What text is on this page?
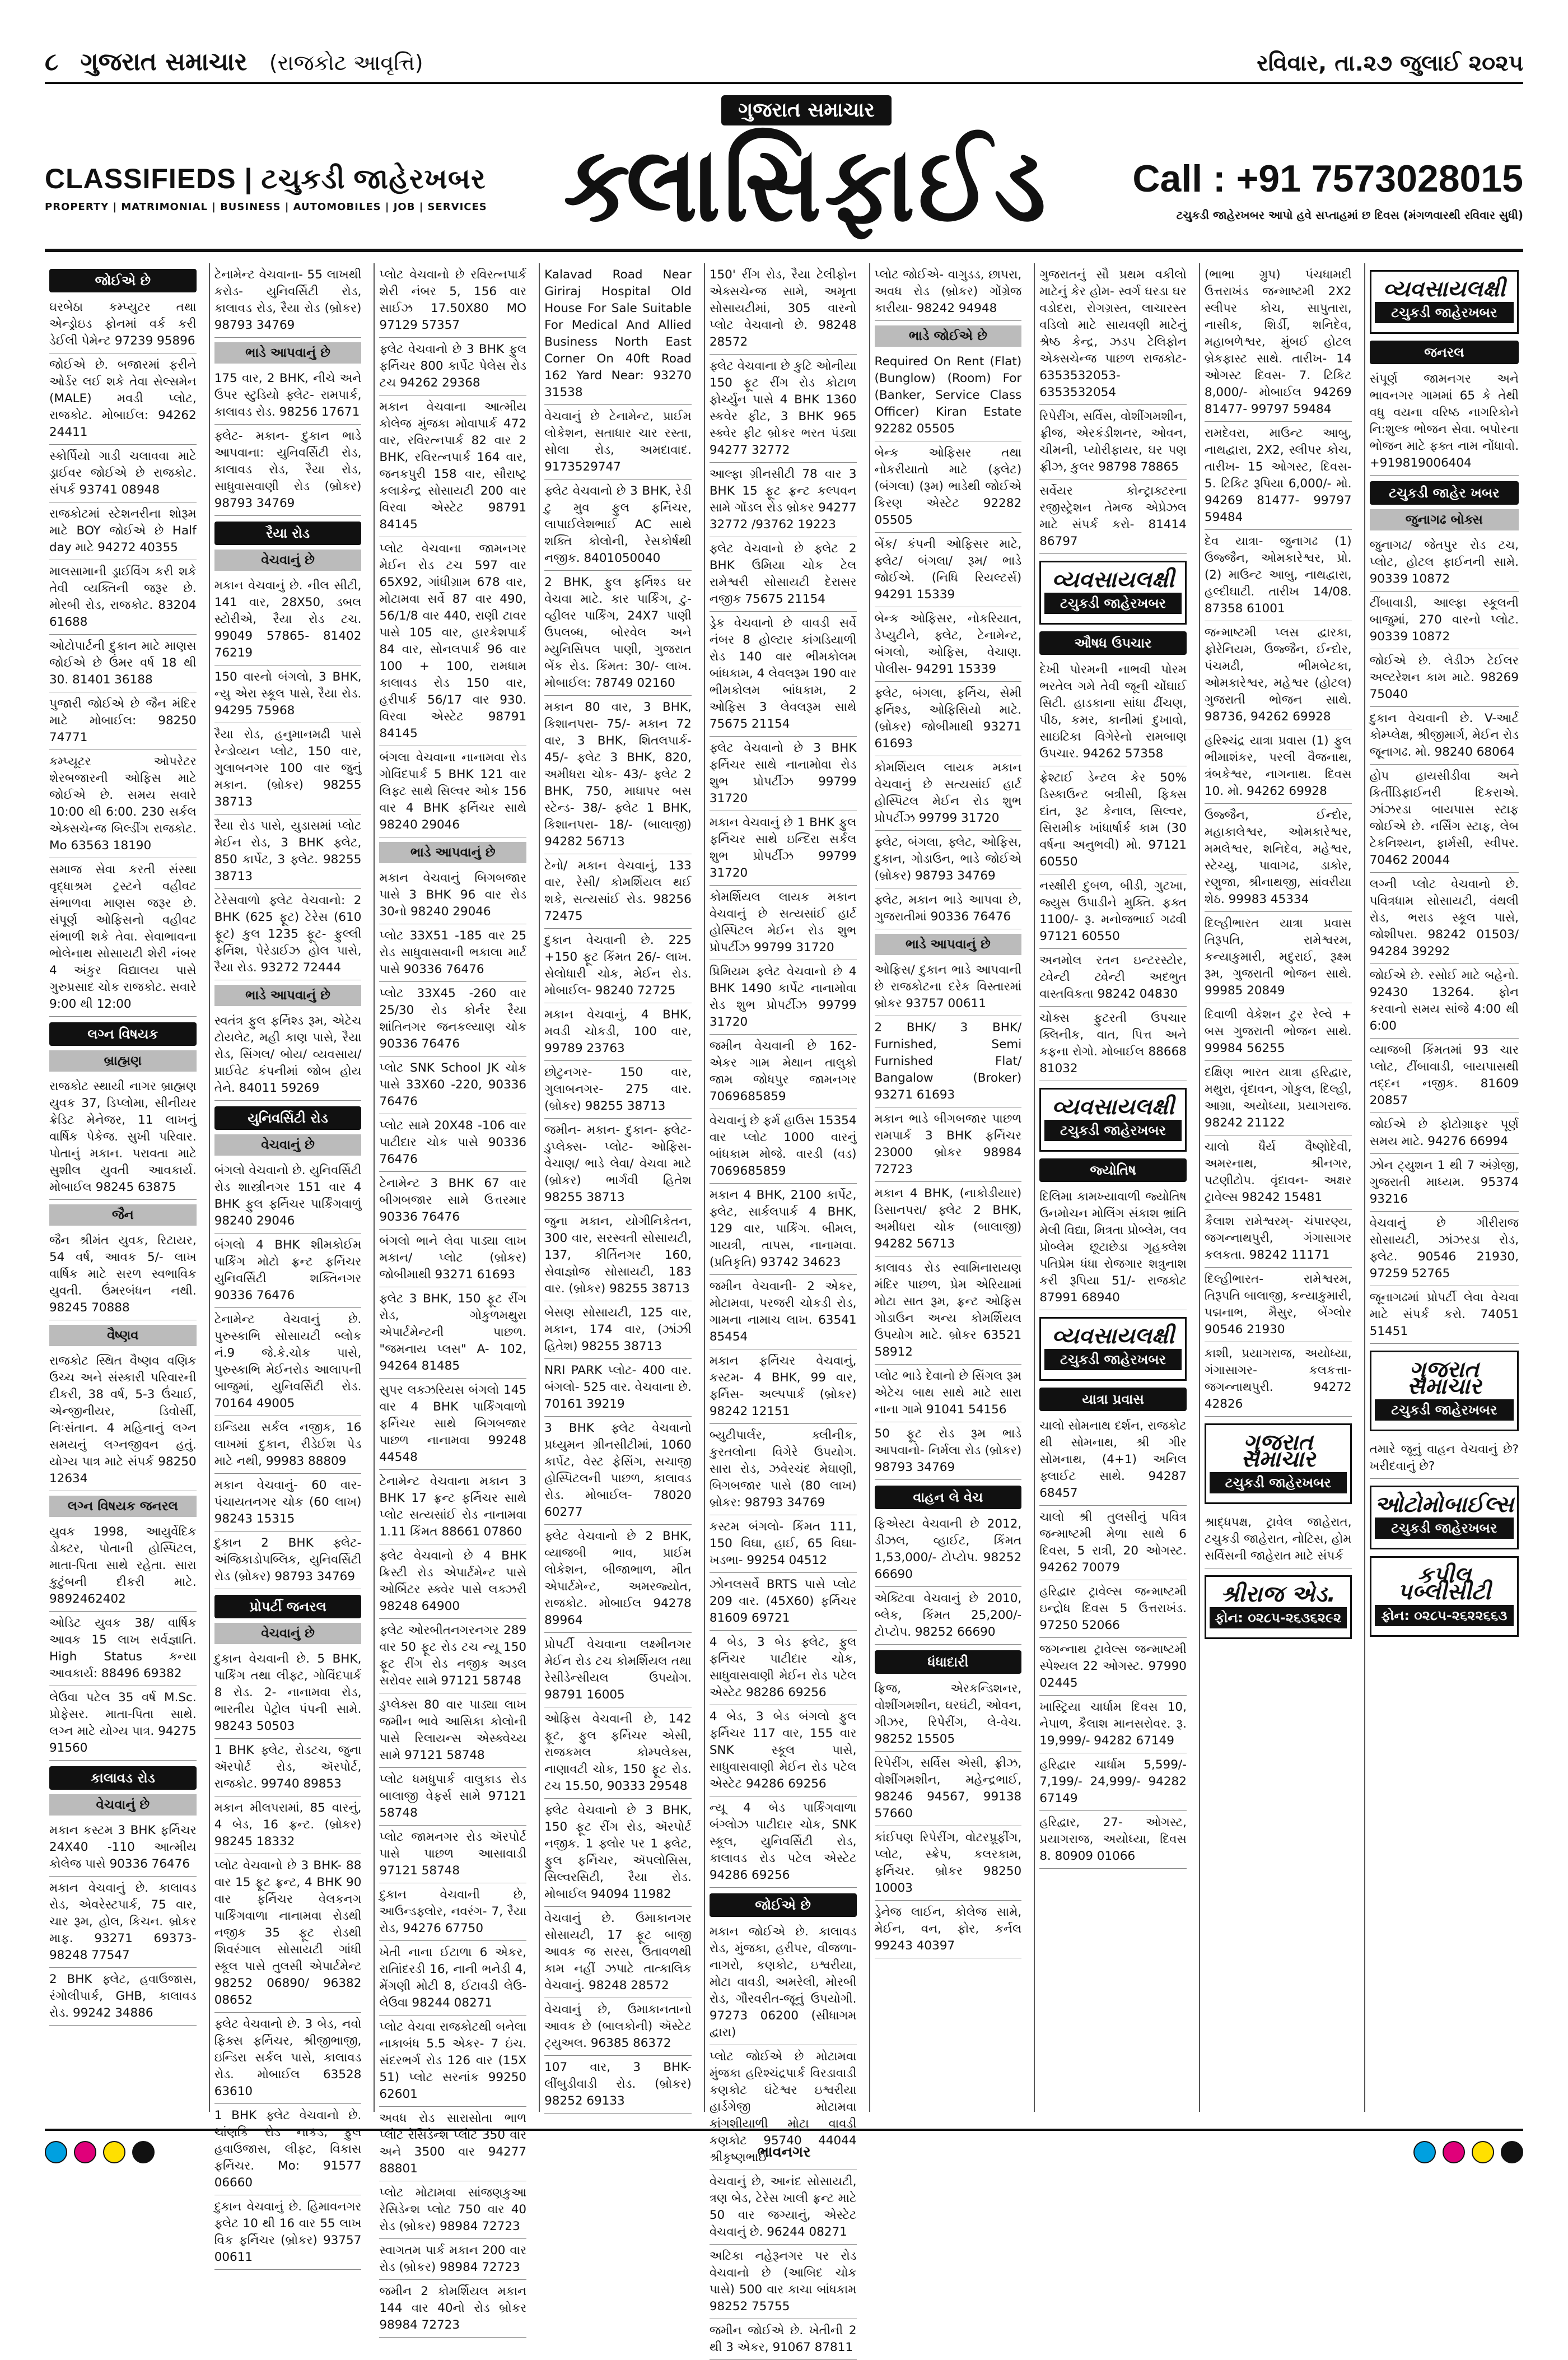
૮ ગુજરાત સમાચાર (રાજકોટ આવૃત્તિ)	રવિવાર, તા.૨૭ જુલાઈ ૨૦૨૫
CLASSIFIEDS | ટચુકડી જાહેરખબર
PROPERTY | MATRIMONIAL | BUSINESS | AUTOMOBILES | JOB | SERVICES
ગુજરાત સમાચાર
ક્લાસિફાઈડ	Call : +91 7573028015
ટચુકડી જાહેરખબર આપો હવે સપ્તાહમાં છ દિવસ (મંગળવારથી રવિવાર સુધી)
જોઈએ છે
ઘરબેઠા કમ્પ્યુટર તથા એન્ડ્રોઇડ ફોનમાં વર્ક કરી ડેઈલી પેમેન્ટ 97239 95896
જોઈએ છે. બજારમાં ફરીને ઓર્ડર લઈ શકે તેવા સેલ્સમેન (MALE) મવડી પ્લોટ, રાજકોટ. મોબાઈલ: 94262 24411
સ્કોર્પિયો ગાડી ચલાવવા માટે ડ્રાઈવર જોઈએ છે રાજકોટ. સંપર્ક 93741 08948
રાજકોટમાં સ્ટેશનરીના શોરૂમ માટે BOY જોઈએ છે Half day માટે 94272 40355
માલસામાની ડ્રાઈવિંગ કરી શકે તેવી વ્યક્તિની જરૂર છે. મોરબી રોડ, રાજકોટ. 83204 61688
ઓટોપાર્ટની દુકાન માટે માણસ જોઈએ છે ઉંમર વર્ષ 18 થી 30. 81401 36188
પુજારી જોઈએ છે જૈન મંદિર માટે મોબાઈલ: 98250 74771
કમ્પ્યૂટર ઓપરેટર શેરબજારની ઓફિસ માટે જોઈએ છે. સમય સવારે 10:00 થી 6:00. 230 સર્કલ એક્સચેન્જ બિલ્ડીંગ રાજકોટ. Mo 63563 18190
સમાજ સેવા કરતી સંસ્થા વૃદ્ધાશ્રમ ટ્રસ્ટને વહીવટ સંભાળવા માણસ જરૂર છે. સંપૂર્ણ ઓફિસનો વહીવટ સંભાળી શકે તેવા. સેવાભાવના ભોલેનાથ સોસાયટી શેરી નંબર 4 અંકુર વિદ્યાલય પાસે ગુરુપ્રસાદ ચોક રાજકોટ. સવારે 9:00 થી 12:00
લગ્ન વિષયક
બ્રાહ્મણ
રાજકોટ સ્થાયી નાગર બ્રાહ્મણ યુવક 37, ડિપ્લોમા, સીનીયર ક્રેડિટ મેનેજર, 11 લાખનું વાર્ષિક પેકેજ. સુખી પરિવાર. પોતાનું મકાન. પરાવતા માટે સુશીલ યુવતી આવકાર્ય. મોબાઈલ 98245 63875
જૈન
જૈન શ્રીમંત યુવક, રિટાયર, 54 વર્ષ, આવક 5/- લાખ વાર્ષિક માટે સરળ સ્વભાવિક યુવતી. ઉંમરબંધન નથી. 98245 70888
વૈષ્ણવ
રાજકોટ સ્થિત વૈષ્ણવ વણિક ઉચ્ચ અને સંસ્કારી પરિવારની દીકરી, 38 વર્ષ, 5-3 ઉંચાઈ, એન્જીનીયર, ડિવોર્સી, નિઃસંતાન. 4 મહિનાનું લગ્ન સમયનું લગ્નજીવન હતું. યોગ્ય પાત્ર માટે સંપર્ક 98250 12634
લગ્ન વિષયક જનરલ
યુવક 1998, આયુર્વેદિક ડોક્ટર, પોતાની હોસ્પિટલ, માતા-પિતા સાથે રહેતા. સારા કુટુંબની દીકરી માટે. 9892462402
ઓડિટ યુવક 38/ વાર્ષિક આવક 15 લાખ સર્વજ્ઞાતિ. High Status કન્યા આવકાર્ય: 88496 69382
લેઉવા પટેલ 35 વર્ષ M.Sc. પ્રોફેસર. માતા-પિતા સાથે. લગ્ન માટે યોગ્ય પાત્ર. 94275 91560
કાલાવડ રોડ
વેચવાનું છે
મકાન કસ્ટમ 3 BHK ફર્નિચર 24X40 -110 આત્મીય કોલેજ પાસે 90336 76476
મકાન વેચવાનું છે. કાલાવડ રોડ, એવરેસ્ટપાર્ક, 75 વાર, ચાર રૂમ, હોલ, કિચન. બ્રોકર માફ. 93271 69373- 98248 77547
2 BHK ફ્લેટ, હવાઉજાસ, રંગોલીપાર્ક, GHB, કાલાવડ રોડ. 99242 34886
ટેનામેન્ટ વેચવાના- 55 લાખથી કરોડ- યુનિવર્સિટી રોડ, કાલાવડ રોડ, રૈયા રોડ (બ્રોકર) 98793 34769
ભાડે આપવાનું છે
175 વાર, 2 BHK, નીચે અને ઉપર સ્ટુડિયો ફ્લેટ- રામપાર્ક, કાલાવડ રોડ. 98256 17671
ફ્લેટ- મકાન- દુકાન ભાડે આપવાના: યુનિવર્સિટી રોડ, કાલાવડ રોડ, રૈયા રોડ, સાધુવાસવાણી રોડ (બ્રોકર) 98793 34769
રૈયા રોડ
વેચવાનું છે
મકાન વેચવાનું છે. નીલ સીટી, 141 વાર, 28X50, ડબલ સ્ટોરીએ, રૈયા રોડ ટચ. 99049 57865- 81402 76219
150 વારનો બંગલો, 3 BHK, ન્યુ એરા સ્કૂલ પાસે, રૈયા રોડ. 94295 75968
રૈયા રોડ, હનુમાનમઢી પાસે રેન્ડોવ્યન પ્લોટ, 150 વાર, ગુલાબનગર 100 વાર જુનું મકાન. (બ્રોકર) 98255 38713
રૈયા રોડ પાસે, યુડાસમાં પ્લોટ મેઈન રોડ, 3 BHK ફ્લેટ, 850 કાર્પેટ, 3 ફ્લેટ. 98255 38713
ટેરેસવાળો ફ્લેટ વેચવાનો: 2 BHK (625 ફૂટ) ટેરેસ (610 ફૂટ) કુલ 1235 ફૂટ- ફુલ્લી ફર્નિશ, પેરેડાઈઝ હોલ પાસે, રૈયા રોડ. 93272 72444
ભાડે આપવાનું છે
સ્વતંત્ર ફુલ ફર્નિશ્ડ રૂમ, એટેચ ટોયલેટ, મહી કાણ પાસે, રૈયા રોડ, સિંગલ/ બોય/ વ્યવસાય/ પ્રાઈવેટ કંપનીમાં જોબ હોય તેને. 84011 59269
યુનિવર્સિટી રોડ
વેચવાનું છે
બંગલો વેચવાનો છે. યુનિવર્સિટી રોડ શાસ્ત્રીનગર 151 વાર 4 BHK ફુલ ફર્નિચર પાર્કિંગવાળું 98240 29046
બંગલો 4 BHK શીમકોઈમ પાર્કિંગ મોટો ફ્રન્ટ ફર્નિચર યુનિવર્સિટી શક્તિનગર 90336 76476
ટેનામેન્ટ વેચવાનું છે. પુરુસ્કાભિ સોસાયટી બ્લોક નં.9 જે.કે.ચોક પાસે, પુરુસ્કાભિ મેઈનરોડ આલાપની બાજુમાં, યુનિવર્સિટી રોડ. 70164 49005
ઇન્ડિયા સર્કલ નજીક, 16 લાખમાં દુકાન, રીડેઈશ પેડ માટે નથી, 99983 88809
મકાન વેચવાનું- 60 વાર- પંચાયતનગર ચોક (60 લાખ) 98243 15315
દુકાન 2 BHK ફ્લેટ- અંજિકાડોપબ્લિક, યુનિવર્સિટી રોડ (બ્રોકર) 98793 34769
પ્રોપર્ટી જનરલ
વેચવાનું છે
દુકાન વેચવાની છે. 5 BHK, પાર્કિંગ તથા લીફ્ટ, ગોવિંદપાર્ક 8 રોડ. 2- નાનામવા રોડ, ભારતીય પેટ્રોલ પંપની સામે. 98243 50503
1 BHK ફ્લેટ, રોડટચ, જુના ઍરપોર્ટ રોડ, ઍરપોર્ટ, રાજકોટ. 99740 89853
મકાન મીલપરામાં, 85 વારનું, 4 બેડ, 16 ફ્રન્ટ. (બ્રોકર) 98245 18332
પ્લોટ વેચવાનો છે 3 BHK- 88 વાર 15 ફૂટ ફ્રન્ટ, 4 BHK 90 વાર ફર્નિચર વેલકનગ પાર્કિંગવાળા નાનામવા રોડથી નજીક 35 ફૂટ રોડથી શિવરંગાલ સોસાયટી ગાંધી સ્કૂલ પાસે તુલસી એપાર્ટમેન્ટ 98252 06890/ 96382 08652
ફ્લેટ વેચવાનો છે. 3 બેડ, નવો ફિક્સ ફર્નિચર, શ્રીજીભાજી, ઇન્ડિરા સર્કલ પાસે, કાલાવડ રોડ. મોબાઈલ 63528 63610
1 BHK ફ્લેટ વેચવાનો છે. ચાંણકિ રોડ નાકડ, ફુલ હવાઉજાસ, લીફ્ટ, વિકાસ ફર્નિચર. Mo: 91577 06660
દુકાન વેચવાનું છે. હિમાવનગર ફ્લેટ 10 થી 16 વાર 55 લાખ વિક ફર્નિચર (બ્રોકર) 93757 00611
પ્લોટ વેચવાનો છે રવિરત્નપાર્ક શેરી નંબર 5, 156 વાર સાઈઝ 17.50X80 MO 97129 57357
ફ્લેટ વેચવાનો છે 3 BHK ફુલ ફર્નિચર 800 કાર્પેટ પેલેસ રોડ ટચ 94262 29368
મકાન વેચવાના આત્મીય કોલેજ મુંજકા મોવાપાર્ક 472 વાર, રવિરત્નપાર્ક 82 વાર 2 BHK, રવિરત્નપાર્ક 164 વાર, જનકપુરી 158 વાર, સૌરાષ્ટ્ર કલાકેન્દ્ર સોસાયટી 200 વાર વિરવા એસ્ટેટ 98791 84145
પ્લોટ વેચવાના જામનગર મેઈન રોડ ટચ 597 વાર 65X92, ગાંધીગ્રામ 678 વાર, મોટામવા સર્વે 87 વાર 490, 56/1/8 વાર 440, રાણી ટાવર પાસે 105 વાર, હારકેશપાર્ક 84 વાર, સોનલપાર્ક 96 વાર 100 + 100, રામધામ કાલાવડ રોડ 150 વાર, હરીપાર્ક 56/17 વાર 930. વિરવા એસ્ટેટ 98791 84145
બંગલા વેચવાના નાનામવા રોડ ગોવિંદપાર્ક 5 BHK 121 વાર લિફ્ટ સાથે સિલ્વર ઓક 156 વાર 4 BHK ફર્નિચર સાથે 98240 29046
ભાડે આપવાનું છે
મકાન વેચવાનું બિગબજાર પાસે 3 BHK 96 વાર રોડ 30નો 98240 29046
પ્લોટ 33X51 -185 વાર 25 રોડ સાધુવાસવાની ભકાલા માર્ટ પાસે 90336 76476
પ્લોટ 33X45 -260 વાર 25/30 રોડ કોર્નર રૈયા શાંતિનગર જનકલ્યાણ ચોક 90336 76476
પ્લોટ SNK School JK ચોક પાસે 33X60 -220, 90336 76476
પ્લોટ સામે 20X48 -106 વાર પાટીદાર ચોક પાસે 90336 76476
ટેનામેન્ટ 3 BHK 67 વાર બીગબજાર સામે ઉત્તરમાર 90336 76476
બંગલો ભાને લેવા પાડ્યા લાખ મકાન/ પ્લોટ (બ્રોકર) જોબીમાથી 93271 61693
ફ્લેટ 3 BHK, 150 ફૂટ રીંગ રોડ, ગોકુળમથુરા એપાર્ટમેન્ટની પાછળ. "જમનાય પ્લસ" A- 102, 94264 81485
સુપર લક્ઝરિયસ બંગલો 145 વાર 4 BHK પાર્કિંગવાળો ફર્નિચર સાથે બિગબજાર પાછળ નાનામવા 99248 44548
ટેનામેન્ટ વેચવાના મકાન 3 BHK 17 ફ્રન્ટ ફર્નિચર સાથે પ્લોટ સત્યસાંઈ રોડ નાનામવા 1.11 કિંમત 88661 07860
ફ્લેટ વેચવાનો છે 4 BHK ક્રિસ્ટી રોડ એપાર્ટમેન્ટ પાસે ઓર્બિટર સ્ક્વેર પાસે લક્ઝરી 98248 64900
ફ્લેટ ઓરબીતનગરનગર 289 વાર 50 ફૂટ રોડ ટચ ન્યૂ 150 ફૂટ રીંગ રોડ નજીક અડલ સરોવર સામે 97121 58748
ડુપ્લેક્સ 80 વાર પાડ્યા લાખ જમીન ભાવે આસિકા કોલોની પાસે રિલાયન્સ એસ્ક્વેચ્ય સામે 97121 58748
પ્લોટ ધમધુપાર્ક વાલુકાડ રોડ બાલાજી વેફર્સ સામે 97121 58748
પ્લોટ જામનગર રોડ ઍરપોર્ટ પાસે પાછળ આસાવાડી 97121 58748
દુકાન વેચવાની છે, આઉન્ડફ્લોર, નવરંગ- 7, રૈયા રોડ, 94276 67750
ખેતી નાના ઈટાળા 6 એકર, રાતાિંદરડી 16, નાની ભનેડી 4, મેંગણી મોટી 8, ઈટાવડી લેઉ- લેઉવા 98244 08271
પ્લોટ વેચવા રાજકોટથી બનેલા નાકાબંધ 5.5 એકર- 7 ઇંચ. સંદરભર્ગ રોડ 126 વાર (15X 51) પ્લોટ સરનાંક 99250 62601
અવધ રોડ સારાસોતા ભાળ પ્લોટ રેસિડેન્શ પ્લોટ 350 વાર અને 3500 વાર 94277 88801
પ્લોટ મોટામવા સાંજણકુઆ રેસિડેન્શ પ્લોટ 750 વાર 40 રોડ (બ્રોકર) 98984 72723
સ્વાગતમ પાર્ક મકાન 200 વાર રોડ (બ્રોકર) 98984 72723
જમીન 2 કોમર્શિયલ મકાન 144 વાર 40નો રોડ બ્રોકર 98984 72723
Kalavad Road Near Giriraj Hospital Old House For Sale Suitable For Medical And Allied Business North East Corner On 40ft Road 162 Yard Near: 93270 31538
વેચવાનું છે ટેનામેન્ટ, પ્રાઈમ લોકેશન, સતાધાર ચાર રસ્તા, સોલા રોડ, અમદાવાદ. 9173529747
ફ્લેટ વેચવાનો છે 3 BHK, રેડી ટુ મુવ ફુલ ફર્નિચર, લાપાઈલેશભાઈ AC સાથે શક્તિ કોલોની, રેસકોર્ષથી નજીક. 8401050040
2 BHK, ફુલ ફર્નિશ્ડ ઘર વેચવા માટે. કાર પાર્કિંગ, ટુ-વ્હીલર પાર્કિંગ, 24X7 પાણી ઉપલબ્ધ, બોરવેલ અને મ્યુનિસિપલ પાણી, ગુજરાત બેંક રોડ. કિંમત: 30/- લાખ. મોબાઈલ: 78749 02160
મકાન 80 વાર, 3 BHK, કિશાનપરા- 75/- મકાન 72 વાર, 3 BHK, શિતલપાર્ક- 45/- ફ્લેટ 3 BHK, 820, અમીધરા ચોક- 43/- ફ્લેટ 2 BHK, 750, માધાપર બસ સ્ટેન્ડ- 38/- ફ્લેટ 1 BHK, કિશાનપરા- 18/- (બાલાજી) 94282 56713
ટેનો/ મકાન વેચવાનું, 133 વાર, રેસી/ કોમર્શિયલ થઈ શકે, સત્યસાંઈ રોડ. 98256 72475
દુકાન વેચવાની છે. 225 +150 ફૂટ કિંમત 26/- લાખ. સેલોધારી ચોક, મેઈન રોડ. મોબાઈલ- 98240 72725
મકાન વેચવાનું, 4 BHK, મવડી ચોકડી, 100 વાર, 99789 23763
છોટુનગર- 150 વાર, ગુલાબનગર- 275 વાર. (બ્રોકર) 98255 38713
જમીન- મકાન- દુકાન- ફ્લેટ- ડુપ્લેક્સ- પ્લોટ- ઓફિસ- વેચાણ/ ભાડે લેવા/ વેચવા માટે (બ્રોકર) ભાર્ગવી હિતેશ 98255 38713
જુના મકાન, યોગીનિકેતન, 300 વાર, સરસ્વતી સોસાયટી, 137, કીર્તિનગર 160, સેવાજ્ઞોજ સોસાયટી, 183 વાર. (બ્રોકર) 98255 38713
બેસણ સોસાયટી, 125 વાર, મકાન, 174 વાર, (ઝાંઝી હિતેશ) 98255 38713
NRI PARK પ્લોટ- 400 વાર. બંગલો- 525 વાર. વેચવાના છે. 70161 39219
3 BHK ફ્લેટ વેચવાનો પ્રધ્યુમન ગ્રીનસીટીમાં, 1060 કાર્પેટ, વેસ્ટ ફેસિંગ, સચાજી હોસ્પિટલની પાછળ, કાલાવડ રોડ. મોબાઈલ- 78020 60277
ફ્લેટ વેચવાનો છે 2 BHK, વ્યાજબી ભાવ, પ્રાઈમ લોકેશન, બીજાભાળ, મીત એપાર્ટમેન્ટ, અમરજ્યોત, રાજકોટ. મોબાઈલ 94278 89964
પ્રોપર્ટી વેચવાના લક્ષ્મીનગર મેઈન રોડ ટચ કોમર્શિયલ તથા રેસીડેન્સીયલ ઉપયોગ. 98791 16005
ઓફિસ વેચવાની છે, 142 ફૂટ, ફુલ ફર્નિચર એસી, રાજકમલ કોમ્પલેક્સ, નાણાવટી ચોક, 150 ફૂટ રોડ. ટચ 15.50, 90333 29548
ફ્લેટ વેચવાનો છે 3 BHK, 150 ફૂટ રીંગ રોડ, ઍરપોર્ટ નજીક. 1 ફ્લોર પર 1 ફ્લેટ, ફુલ ફર્નિચર, ઍપલોસિસ, સિલ્વરસિટી, રૈયા રોડ. મોબાઈલ 94094 11982
વેચવાનું છે. ઉમાકાનગર સોસાયટી, 17 ફૂટ બાજી આવક જ સરસ, ઉતાવળથી કામ નહીં ઝપાટે તાત્કાલિક વેચવાનું. 98248 28572
વેચવાનું છે, ઉમાકાનતાનો આવક છે (બાલકોની) ઍસ્ટેટ ટ્યુઅલ. 96385 86372
107 વાર, 3 BHK- લીંબુડીવાડી રોડ. (બ્રોકર) 98252 69133
150' રીંગ રોડ, રૈયા ટેલીફોન એક્સચેન્જ સામે, અમૃતા સોસાયટીમાં, 305 વારનો પ્લોટ વેચવાનો છે. 98248 28572
ફ્લેટ વેચવાના છે કુટિ ઓનીયા 150 ફૂટ રીંગ રોડ કોટાળ ફોર્ચ્યુન પાસે 4 BHK 1360 સ્કવેર ફીટ, 3 BHK 965 સ્ક્વેર ફીટ બ્રોકર ભરત પંડ્યા 94277 32772
આલ્ફા ગ્રીનસીટી 78 વાર 3 BHK 15 ફૂટ ફ્રન્ટ કલ્પવન સામે ગોંડલ રોડ બ્રોકર 94277 32772 /93762 19223
ફ્લેટ વેચવાનો છે ફ્લેટ 2 BHK ઉમિયા ચોક ટેલ રામેશ્વરી સોસાયટી દેરાસર નજીક 75675 21154
ડ્રેક વેચવાનો છે વાવડી સર્વે નંબર 8 હોલ્ટાર કાંગડિયાળી રોડ 140 વાર ભીમકોલમ બાંધકામ, 4 લેવલરૂમ 190 વાર ભીમકોલમ બાંધકામ, 2 ઓફિસ 3 લેવલરૂમ સાથે 75675 21154
ફ્લેટ વેચવાનો છે 3 BHK ફર્નિચર સાથે નાનામોવા રોડ શુભ પ્રોપર્ટીઝ 99799 31720
મકાન વેચવાનું છે 1 BHK ફુલ ફર્નિચર સાથે ઇન્દિરા સર્કલ શુભ પ્રોપર્ટીઝ 99799 31720
કોમર્શિયલ લાયક મકાન વેચવાનું છે સત્યસાંઈ હાર્ટ હોસ્પિટલ મેઈન રોડ શુભ પ્રોપર્ટીઝ 99799 31720
પ્રિમિયમ ફ્લેટ વેચવાનો છે 4 BHK 1490 કાર્પેટ નાનામોવા રોડ શુભ પ્રોપર્ટીઝ 99799 31720
જમીન વેચવાની છે 162- એકર ગામ મેથાન તાલુકો જામ જોધપુર જામનગર 7069685859
વેચવાનું છે ફર્મ હાઉસ 15354 વાર પ્લોટ 1000 વારનું બાંધકામ મોજે. વારડી (વડ) 7069685859
મકાન 4 BHK, 2100 કાર્પેટ, ફ્લેટ, સાર્કલપાર્ક 4 BHK, 129 વાર, પાર્કિંગ. બીમલ, ગાયત્રી, તાપસ, નાનામવા. (પ્રતિકૃતિ) 93742 34623
જમીન વેચવાની- 2 એકર, મોટામવા, પરજરી ચોકડી રોડ, ગામના નામાચ લાખ. 63541 85454
મકાન ફર્નિચર વેચવાનું, કસ્ટમ- 4 BHK, 99 વાર, ફર્નિસ- અલ્પપાર્ક (બ્રોકર) 98242 12151
બ્યુટીપાર્લર, ક્લીનીક, કુરતલોના વિગેરે ઉપયોગ. સારા રોડ, ઝવેરચંદ મેઘાણી, બિગબજાર પાસે (80 લાખ) બ્રોકર: 98793 34769
કસ્ટમ બંગલો- કિંમત 111, 150 વિઘા, હાઈ, 65 વિઘા- ખડભા- 99254 04512
ઝોનલસર્વે BRTS પાસે પ્લોટ 209 વાર. (45X60) ફર્નિચર 81609 69721
4 બેડ, 3 બેડ ફ્લેટ, ફુલ ફર્નિચર પાટીદાર ચોક, સાધુવાસવાણી મેઈન રોડ પટેલ એસ્ટેટ 98286 69256
4 બેડ, 3 બેડ બંગલો ફુલ ફર્નિચર 117 વાર, 155 વાર SNK સ્કૂલ પાસે, સાધુવાસવાણી મેઈન રોડ પટેલ એસ્ટેટ 94286 69256
ન્યૂ 4 બેડ પાર્કિંગવાળા બંગ્લોઝ પાટીદાર ચોક, SNK સ્કૂલ, યુનિવર્સિટી રોડ, કાલાવડ રોડ પટેલ એસ્ટેટ 94286 69256
જોઈએ છે
મકાન જોઈએ છે. કાલાવડ રોડ, મુંજકા, હરીપર, વીજળા-નાગરો, કણકોટ, ઇશ્વરીયા, મોટા વાવડી, અમરેલી, મોરબી રોડ, ગૌરવરીત-જૂનું ઉપયોગી. 97273 06200 (સીધાગમ દ્વારા)
પ્લોટ જોઈએ છે મોટામવા મુંજકા હરિશ્ચંદ્રપાર્ક વિરડાવાડી કણકોટ ઘંટેશ્વર ઇશ્વરીયા હાર્ડગેજી મોટામવા કાંગશીયાળી મોટા વાવડી કણકોટ 95740 44044 શ્રીકૃષ્ણભાઈ
વેચવાનું છે, આનંદ સોસાયટી, ત્રણ બેડ, ટેરેસ ખાલી ફ્રન્ટ માટે 50 વાર જગ્યાનું, એસ્ટેટ વેચવાનું છે. 96244 08271
અટિકા નહેરૂનગર પર રોડ વેચવાનો છે (આબિદ ચોક પાસે) 500 વાર કાચા બાંધકામ 98252 75755
જમીન જોઈએ છે. ખેતીની 2 થી 3 એકર, 91067 87811
પ્લોટ જોઈએ- વાગુડડ, છાપરા, અવધ રોડ (બ્રોકર) ગોંગ્રેજ કારીયા- 98242 94948
ભાડે જોઈએ છે
Required On Rent (Flat) (Bunglow) (Room) For (Banker, Service Class Officer) Kiran Estate 92282 05505
બેન્ક ઓફિસર તથા નોકરીયાતો માટે (ફ્લેટ) (બંગલા) (રૂમ) ભાડેથી જોઈએ કિરણ એસ્ટેટ 92282 05505
બેંક/ કંપની ઓફિસર માટે, ફ્લેટ/ બંગલા/ રૂમ/ ભાડે જોઈએ. (નિધિ રિયલ્ટર્સ) 94291 15339
બેન્ક ઓફિસર, નોકરિયાત, ડેપ્યુટીને, ફ્લેટ, ટેનામેન્ટ, બંગલો, ઓફિસ, વેચાણ. પોલીસ- 94291 15339
ફ્લેટ, બંગલા, ફર્નિચ, સેમી ફર્નિશ્ડ, ઓફિસિયો માટે. (બ્રોકર) જોબીમાથી 93271 61693
કોમર્શિયલ લાયક મકાન વેચવાનું છે સત્યસાંઈ હાર્ટ હોસ્પિટલ મેઈન રોડ શુભ પ્રોપર્ટીઝ 99799 31720
ફ્લેટ, બંગલા, ફ્લેટ, ઓફિસ, દુકાન, ગોડાઉન, ભાડે જોઈએ (બ્રોકર) 98793 34769
ફ્લેટ, મકાન ભાડે આપવા છે, ગુજરાતીમાં 90336 76476
ભાડે આપવાનું છે
ઓફિસ/ દુકાન ભાડે આપવાની છે રાજકોટના દરેક વિસ્તારમાં બ્રોકર 93757 00611
2 BHK/ 3 BHK/ Furnished, Semi Furnished Flat/ Bangalow (Broker) 93271 61693
મકાન ભાડે બીગબજાર પાછળ રામપાર્ક 3 BHK ફર્નિચર 23000 બ્રોકર 98984 72723
મકાન 4 BHK, (નાકોડીયાર) ડિસાનપરા/ ફ્લેટ 2 BHK, અમીધરા ચોક (બાલાજી) 94282 56713
કાલાવડ રોડ સ્વામિનારાયણ મંદિર પાછળ, પ્રેમ એરિયામાં મોટા સાત રૂમ, ફ્રન્ટ ઓફિસ ગોડાઉન અન્ય કોમર્શિયલ ઉપયોગ માટે. બ્રોકર 63521 58912
પ્લોટ ભાડે દેવાનો છે સિંગલ રૂમ એટેચ બાથ સાથે માટે સારા નાના ગામે 91041 54156
50 ફૂટ રોડ રૂમ ભાડે આપવાનો- નિર્મલા રોડ (બ્રોકર) 98793 34769
વાહન લે વેચ
ફિએસ્ટા વેચવાની છે 2012, ડીઝલ, વ્હાઈટ, કિંમત 1,53,000/- ટોપ્ટોપ. 98252 66690
એક્ટિવા વેચવાનું છે 2010, બ્લેક, કિંમત 25,200/- ટોપ્ટોપ. 98252 66690
ધંધાદારી
ફ્રિજ, એરકન્ડિશનર, વોશીંગમશીન, ઘરઘંટી, ઓવન, ગીઝર, રિપેરીંગ, લે-વેચ. 98252 15505
રિપેરીંગ, સર્વિસ એસી, ફ્રીઝ, વોશીંગમશીન, મહેન્દ્રભાઈ, 98246 94567, 99138 57660
કાંઈપણ રિપેરીંગ, વોટરપ્રૂફીંગ, પ્લોટ, સ્ક્રેપ, કલરકામ, ફર્નિચર. બ્રોકર 98250 10003
ડ્રેનેજ લાઈન, કોલેજ સામે, મેઈન, વન, ફોર, કર્નલ 99243 40397
ગુજરાતનું સૌ પ્રથમ વકીલો માટેનું કેર હોમ- સ્વર્ગ ઘરડા ઘર વડોદરા, રોગગ્રસ્ત, લાચારસ્ત વડિલો માટે સાયવણી માટેનું શ્રેષ્ઠ કેન્દ્ર, ઝડપ ટેલિફોન એક્સચેન્જ પાછળ રાજકોટ- 6353532053- 6353532054
રિપેરીંગ, સર્વિસ, વોશીંગમશીન, ફ્રીજ, એરકંડીશનર, ઓવન, ચીમની, પ્યોરીફાયર, ઘર પણ ફ્રીઝ, કુલર 98798 78865
સર્વેયર કોન્ટ્રાક્ટરના રજીસ્ટ્રેશન તેમજ એપ્રેઝલ માટે સંપર્ક કરો- 81414 86797
વ્યવસાયલક્ષી
ટચુકડી જાહેરખબર
ઔષધ ઉપચાર
દેખી પોરમની નાભવી પોરમ ભરતેલ ગમે તેવી જૂની ચોંઘાઈ સિટી. હાડકાના સાંધા ઢીંચણ, પીઠ, કમર, કાનીમાં દુખાવો, સાઇટિકા વિગેરેનો રામબાણ ઉપચાર. 94262 57358
ફ્રેશ્ટાઈ ડેન્ટલ કેર 50% ડિસ્કાઉન્ટ બત્રીસી, ફિક્સ દાંત, રૂટ કેનાલ, સિલ્વર, સિરામીક ખાંધાર્ષાર્ક કામ (30 વર્ષના અનુભવી) મો. 97121 60550
નસ્ક્ષીરી દુબળ, બીડી, ગુટખા, જ્યુસ ઉપાડીને મુક્તિ. ફક્ત 1100/- રૂ. મનોજભાઈ ગઢવી 97121 60550
અનમોલ રતન ઇન્ટરસ્ટોર, ટ્વેન્ટી ટ્વેન્ટી અદભુત વાસ્તવિકતા 98242 04830
ચોક્સ ફુટરતી ઉપચાર ક્લિનીક, વાત, પિત્ત અને કફના રોગો. મોબાઈલ 88668 81032
વ્યવસાયલક્ષી
ટચુકડી જાહેરખબર
જ્યોતિષ
દિલિમા કામખ્યાવાળી જ્યોતિષ ઉનમોચન મોલિંગ સંકાશ ભ્રાંતિ મેલી વિદ્યા, મિત્રતા પ્રોબ્લેમ, લવ પ્રોબ્લેમ છૂટાછેડા ગૃહક્લેશ પતિપ્રેમ ધંધા રોજગાર શત્રુનાશ કરી રૂપિયા 51/- રાજકોટ 87991 68940
વ્યવસાયલક્ષી
ટચુકડી જાહેરખબર
યાત્રા પ્રવાસ
ચાલો સોમનાથ દર્શન, રાજકોટ થી સોમનાથ, શ્રી ગીર સોમનાથ, (4+1) અનિલ ફ્લાઈટ સાથે. 94287 68457
ચાલો શ્રી તુલસીનું પવિત્ર જન્માષ્ટમી મેળા સાથે 6 દિવસ, 5 રાત્રી, 20 ઓગસ્ટ. 94262 70079
હરિદ્વાર ટ્રાવેલ્સ જન્માષ્ટમી ઇન્દ્રોધ દિવસ 5 ઉત્તરાખંડ. 97250 52066
જગન્નાથ ટ્રાવેલ્સ જન્માષ્ટમી સ્પેશ્યલ 22 ઓગસ્ટ. 97990 02445
ખાસ્ટ્રિયા ચાર્ધામ દિવસ 10, નેપાળ, કૈલાશ માનસરોવર. રૂ. 19,999/- 94282 67149
હરિદ્વાર ચાર્ધામ 5,599/- 7,199/- 24,999/- 94282 67149
હરિદ્વાર, 27- ઓગસ્ટ, પ્રયાગરાજ, અયોધ્યા, દિવસ 8. 80909 01066
(ભાભા ગ્રુપ) પંચધામદી ઉત્તરાખંડ જન્માષ્ટમી 2X2 સ્લીપર કોચ, સાપુતારા, નાસીક, શિર્ડી, શનિદેવ, મહાબળેશ્વર, મુંબઈ હોટલ બ્રેકફાસ્ટ સાથે. તારીખ- 14 ઓગસ્ટ દિવસ- 7. ટિકિટ 8,000/- મોબાઈલ 94269 81477- 99797 59484
રામદેવરા, માઉન્ટ આબુ, નાથદ્વારા, 2X2, સ્લીપર કોચ, તારીખ- 15 ઓગસ્ટ, દિવસ- 5. ટિકિટ રૂપિયા 6,000/- મો. 94269 81477- 99797 59484
દેવ યાત્રા- જુનાગઢ (1) ઉજ્જૈન, ઓમકારેશ્વર, પ્રો. (2) માઉન્ટ આબુ, નાથદ્વારા, હલ્દીઘાટી. તારીખ 14/08. 87358 61001
જન્માષ્ટમી પ્લસ દ્વારકા, ફોરેનિયમ, ઉજ્જૈન, ઈન્દોર, પંચમઢી, ભીમબેટકા, ઓમકારેશ્વર, મહેશ્વર (હોટલ) ગુજરાતી ભોજન સાથે. 98736, 94262 69928
હરિશ્ચંદ્ર યાત્રા પ્રવાસ (1) ફુલ ભીમાશંકર, પરલી વૈજનાથ, ત્રંબકેશ્વર, નાગનાથ. દિવસ 10. મો. 94262 69928
ઉજ્જૈન, ઈન્દોર, મહાકાલેશ્વર, ઓમકારેશ્વર, મમલેશ્વર, શનિદેવ, મહેશ્વર, સ્ટેચ્યુ, પાવાગઢ, ડાકોર, રણુજા, શ્રીનાથજી, સાંવરીયા શેઠ. 99983 45334
દિલ્હીભારત યાત્રા પ્રવાસ તિરૂપતિ, રામેશ્વરમ, કન્યાકુમારી, મદુરાઈ, રૂક્ષ્મ રૂમ, ગુજરાતી ભોજન સાથે. 99985 20849
દિવાળી વેકેશન ટુર રેલ્વે + બસ ગુજરાતી ભોજન સાથે. 99984 56255
દક્ષિણ ભારત યાત્રા હરિદ્વાર, મથુરા, વૃંદાવન, ગોકુલ, દિલ્હી, આગ્રા, અયોધ્યા, પ્રયાગરાજ. 98242 21122
ચાલો ધૈર્ય વૈષ્ણોદેવી, અમરનાથ, શ્રીનગર, પટણીટોપ. વૃંદાવન- અક્ષર ટ્રાવેલ્સ 98242 15481
કૈલાશ રામેશ્વરમ્- ચંપારણ્ય, જગન્નાથપુરી, ગંગાસાગર કલકતા. 98242 11171
દિલ્હીભારત- રામેશ્વરમ, તિરૂપતિ બાલાજી, કન્યાકુમારી, પદ્મનાભ, મૈસુર, બેંગ્લોર 90546 21930
કાશી, પ્રયાગરાજ, અયોધ્યા, ગંગાસાગર- કલકત્તા- જગન્નાથપુરી. 94272 42826
ગુજરાત સમાચાર
ટચુકડી જાહેરખબર
શ્રાદ્ધપક્ષ, ટ્રાવેલ જાહેરાત, ટચુકડી જાહેરાત, નોટિસ, હોમ સર્વિસની જાહેરાત માટે સંપર્ક
શ્રીરાજ એડ.
ફોન: ૦૨૮૫-૨૬૩૬૨૯૨
વ્યવસાયલક્ષી
ટચુકડી જાહેરખબર
જનરલ
સંપૂર્ણ જામનગર અને ભાવનગર ગામમાં 65 કે તેથી વધુ વયના વરિષ્ઠ નાગરિકોને નિ:શુલ્ક ભોજન સેવા. બપોરના ભોજન માટે ફક્ત નામ નોંધાવો. +919819006404
ટચુકડી જાહેર ખબર
જુનાગઢ બોક્સ
જુનાગઢ/ જેતપુર રોડ ટચ, પ્લોટ, હોટલ ફાઈનની સામે. 90339 10872
ટીંબાવાડી, આલ્ફા સ્કૂલની બાજુમાં, 270 વારનો પ્લોટ. 90339 10872
જોઈએ છે. લેડીઝ ટેઈલર અલ્ટરેશન કામ માટે. 98269 75040
દુકાન વેચવાની છે. V-આર્ટ કોમ્પ્લેક્ષ, શ્રીજીમાર્ગ, મેઈન રોડ જૂનાગઢ. મો. 98240 68064
હોપ હાયસીડીવા અને કિર્તીડિફાઈનરી દિકરાએ. ઝાંઝરડા બાયપાસ સ્ટાફ જોઈએ છે. નર્સિંગ સ્ટાફ, લેબ ટેકનિશ્યન, ફાર્મસી, સ્વીપર. 70462 20044
લગ્ની પ્લોટ વેચવાનો છે. પવિત્રધામ સોસાયટી, વંથલી રોડ, ભરાડ સ્કૂલ પાસે, જોશીપરા. 98242 01503/ 94284 39292
જોઈએ છે. રસોઈ માટે બહેનો. 92430 13264. ફોન કરવાનો સમય સાંજે 4:00 થી 6:00
વ્યાજબી કિંમતમાં 93 ચાર પ્લોટ, ટીંબાવાડી, બાયપાસથી તદ્દન નજીક. 81609 20857
જોઈએ છે ફોટોગ્રાફર પૂર્ણ સમય માટે. 94276 66994
ઝોન ટ્યુશન 1 થી 7 અંગ્રેજી, ગુજરાતી માધ્યમ. 95374 93216
વેચવાનું છે ગીરીરાજ સોસાયટી, ઝાંઝરડા રોડ, ફ્લેટ. 90546 21930, 97259 52765
જૂનાગઢમાં પ્રોપર્ટી લેવા વેચવા માટે સંપર્ક કરો. 74051 51451
ગુજરાત સમાચાર
ટચુકડી જાહેરખબર
તમારે જૂનું વાહન વેચવાનું છે? ખરીદવાનું છે?
ઓટોમોબાઈલ્સ
ટચુકડી જાહેરખબર
કપીલ પબ્લીસીટી
ફોન: ૦૨૮૫-૨૬૨૨૬૬૩
ભાવનગર
